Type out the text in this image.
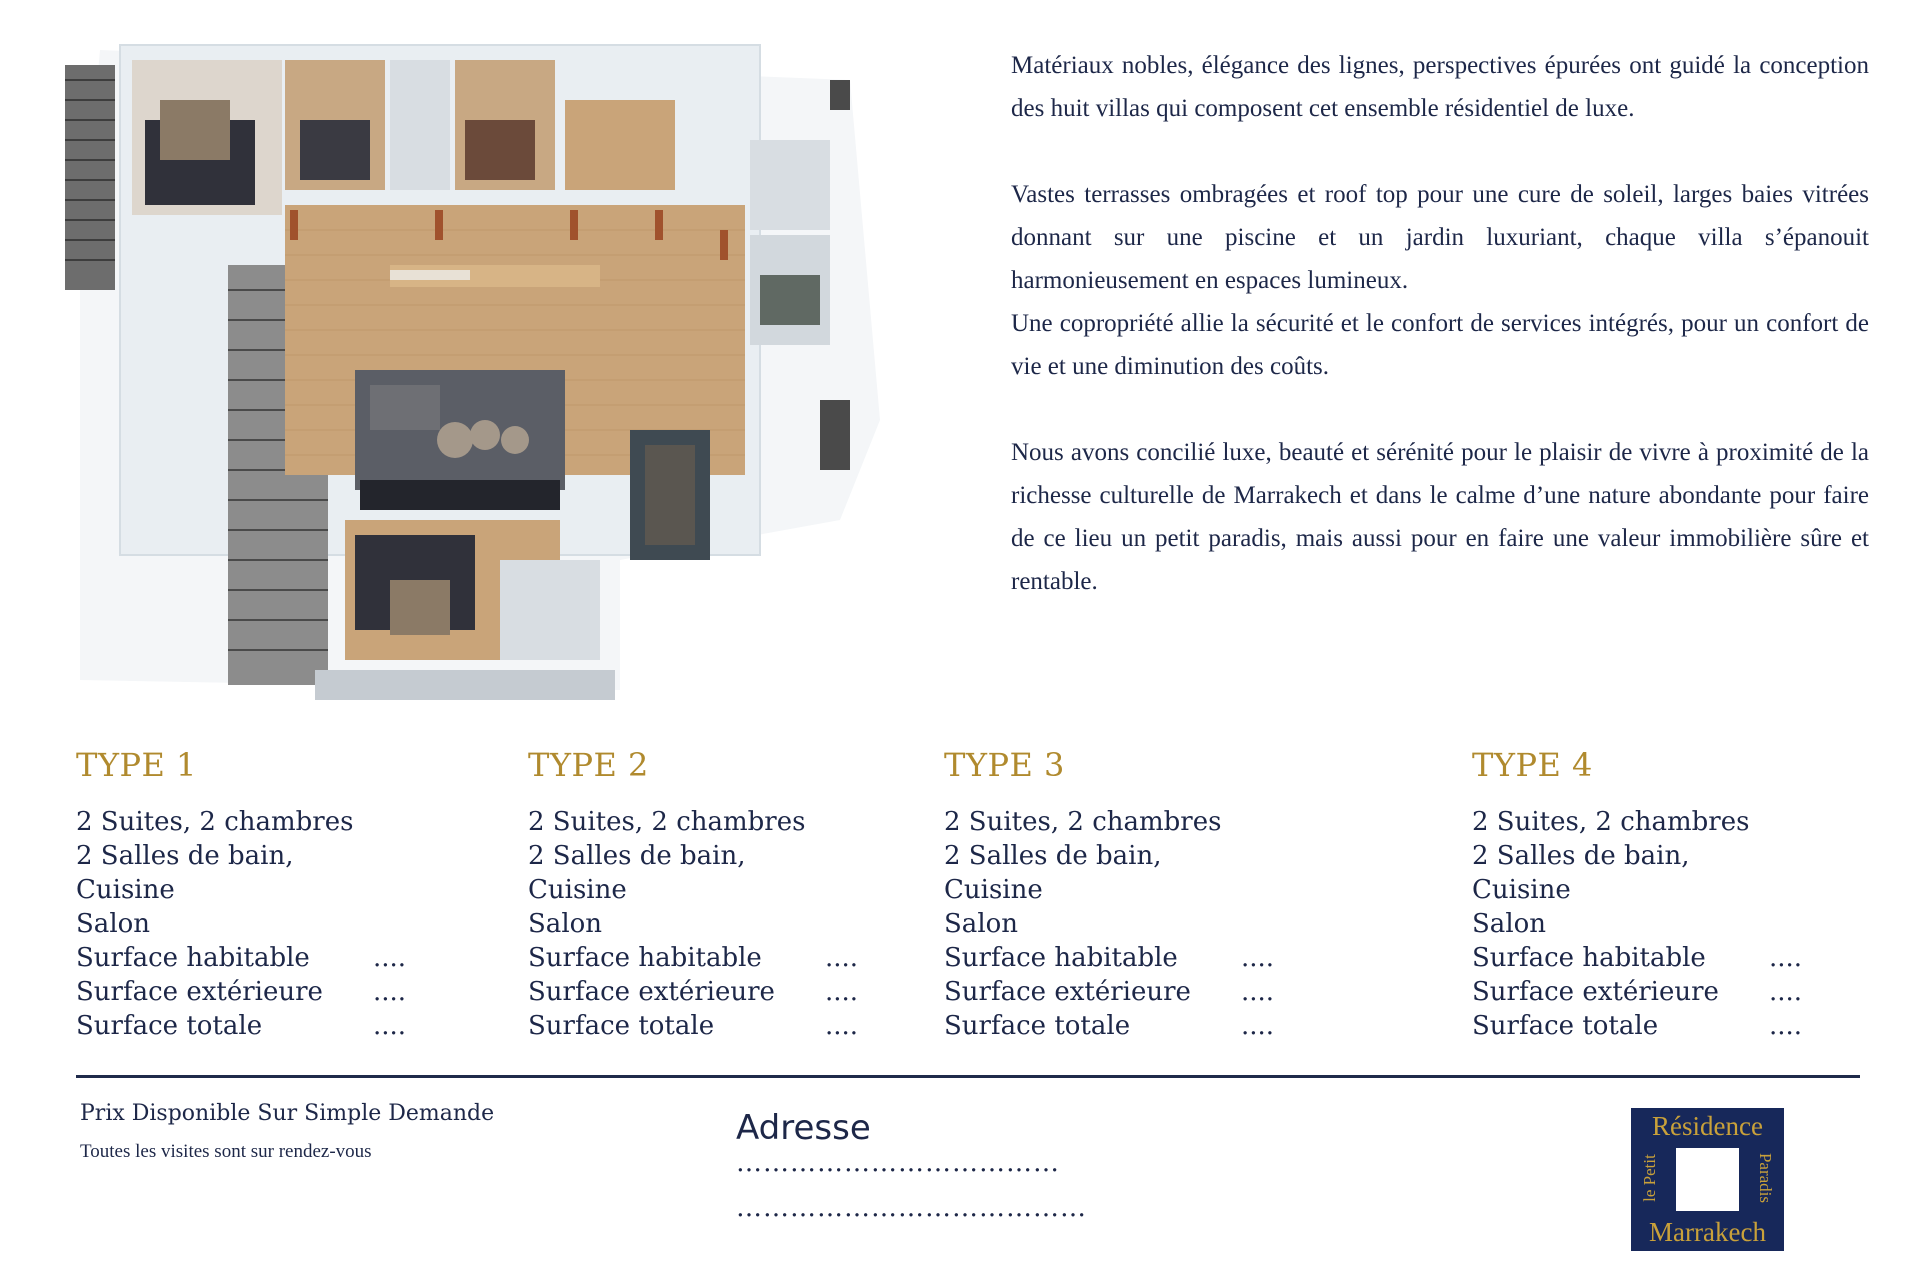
Matériaux nobles, élégance des lignes, perspectives épurées ont guidé la conception des huit villas qui composent cet ensemble résidentiel de luxe.

Vastes terrasses ombragées et roof top pour une cure de soleil, larges baies vitrées donnant sur une piscine et un jardin luxuriant, chaque villa s’épanouit harmonieusement en espaces lumineux.

Une copropriété allie la sécurité et le confort de services intégrés, pour un confort de vie et une diminution des coûts.

Nous avons concilié luxe, beauté et sérénité pour le plaisir de vivre à proximité de la richesse culturelle de Marrakech et dans le calme d’une nature abondante pour faire de ce lieu un petit paradis, mais aussi pour en faire une valeur immobilière sûre et rentable.

TYPE 1
2 Suites, 2 chambres
2 Salles de bain,
Cuisine
Salon
Surface habitable ....
Surface extérieure ....
Surface totale	....
TYPE 2
2 Suites, 2 chambres
2 Salles de bain,
Cuisine
Salon
Surface habitable ....
Surface extérieure ....
Surface totale	....
TYPE 3
2 Suites, 2 chambres
2 Salles de bain,
Cuisine
Salon
Surface habitable ....
Surface extérieure ....
Surface totale	....
TYPE 4
2 Suites, 2 chambres
2 Salles de bain,
Cuisine
Salon
Surface habitable ....
Surface extérieure ....
Surface totale	....
Prix Disponible Sur Simple Demande
Toutes les visites sont sur rendez-vous
Adresse
………………………………
…………………………………
Résidence
le Petit	Paradis
Marrakech
